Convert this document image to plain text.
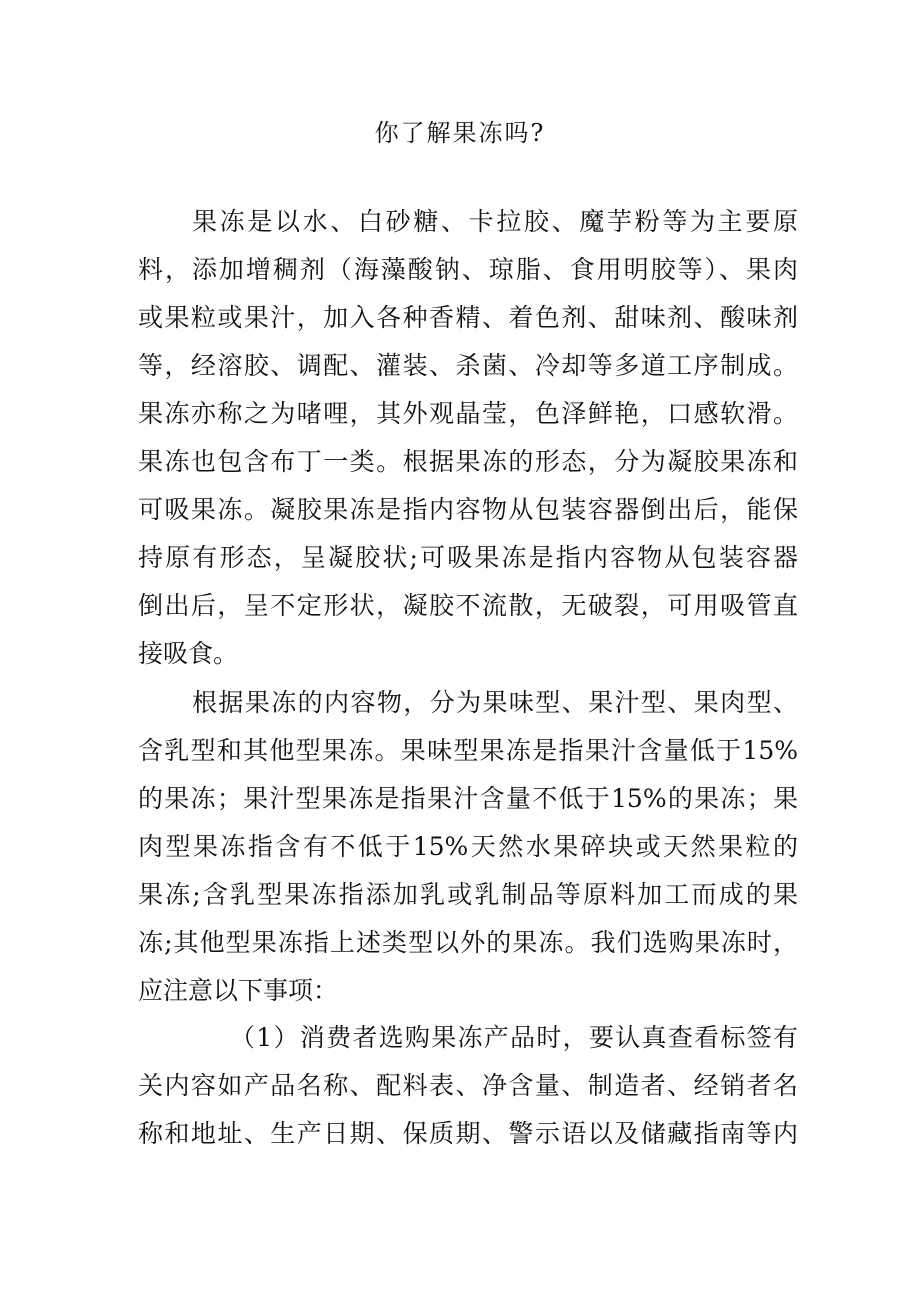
你了解果冻吗?
果冻是以水、白砂糖、卡拉胶、魔芋粉等为主要原
料，添加增稠剂（海藻酸钠、琼脂、食用明胶等）、果肉
或果粒或果汁，加入各种香精、着色剂、甜味剂、酸味剂
等，经溶胶、调配、灌装、杀菌、冷却等多道工序制成。
果冻亦称之为啫哩，其外观晶莹，色泽鲜艳，口感软滑。
果冻也包含布丁一类。根据果冻的形态，分为凝胶果冻和
可吸果冻。凝胶果冻是指内容物从包装容器倒出后，能保
持原有形态，呈凝胶状;可吸果冻是指内容物从包装容器
倒出后，呈不定形状，凝胶不流散，无破裂，可用吸管直
接吸食。
根据果冻的内容物，分为果味型、果汁型、果肉型、
含乳型和其他型果冻。果味型果冻是指果汁含量低于15%
的果冻；果汁型果冻是指果汁含量不低于15%的果冻；果
肉型果冻指含有不低于15%天然水果碎块或天然果粒的
果冻;含乳型果冻指添加乳或乳制品等原料加工而成的果
冻;其他型果冻指上述类型以外的果冻。我们选购果冻时，
应注意以下事项：
（1）消费者选购果冻产品时，要认真查看标签有
关内容如产品名称、配料表、净含量、制造者、经销者名
称和地址、生产日期、保质期、警示语以及储藏指南等内
